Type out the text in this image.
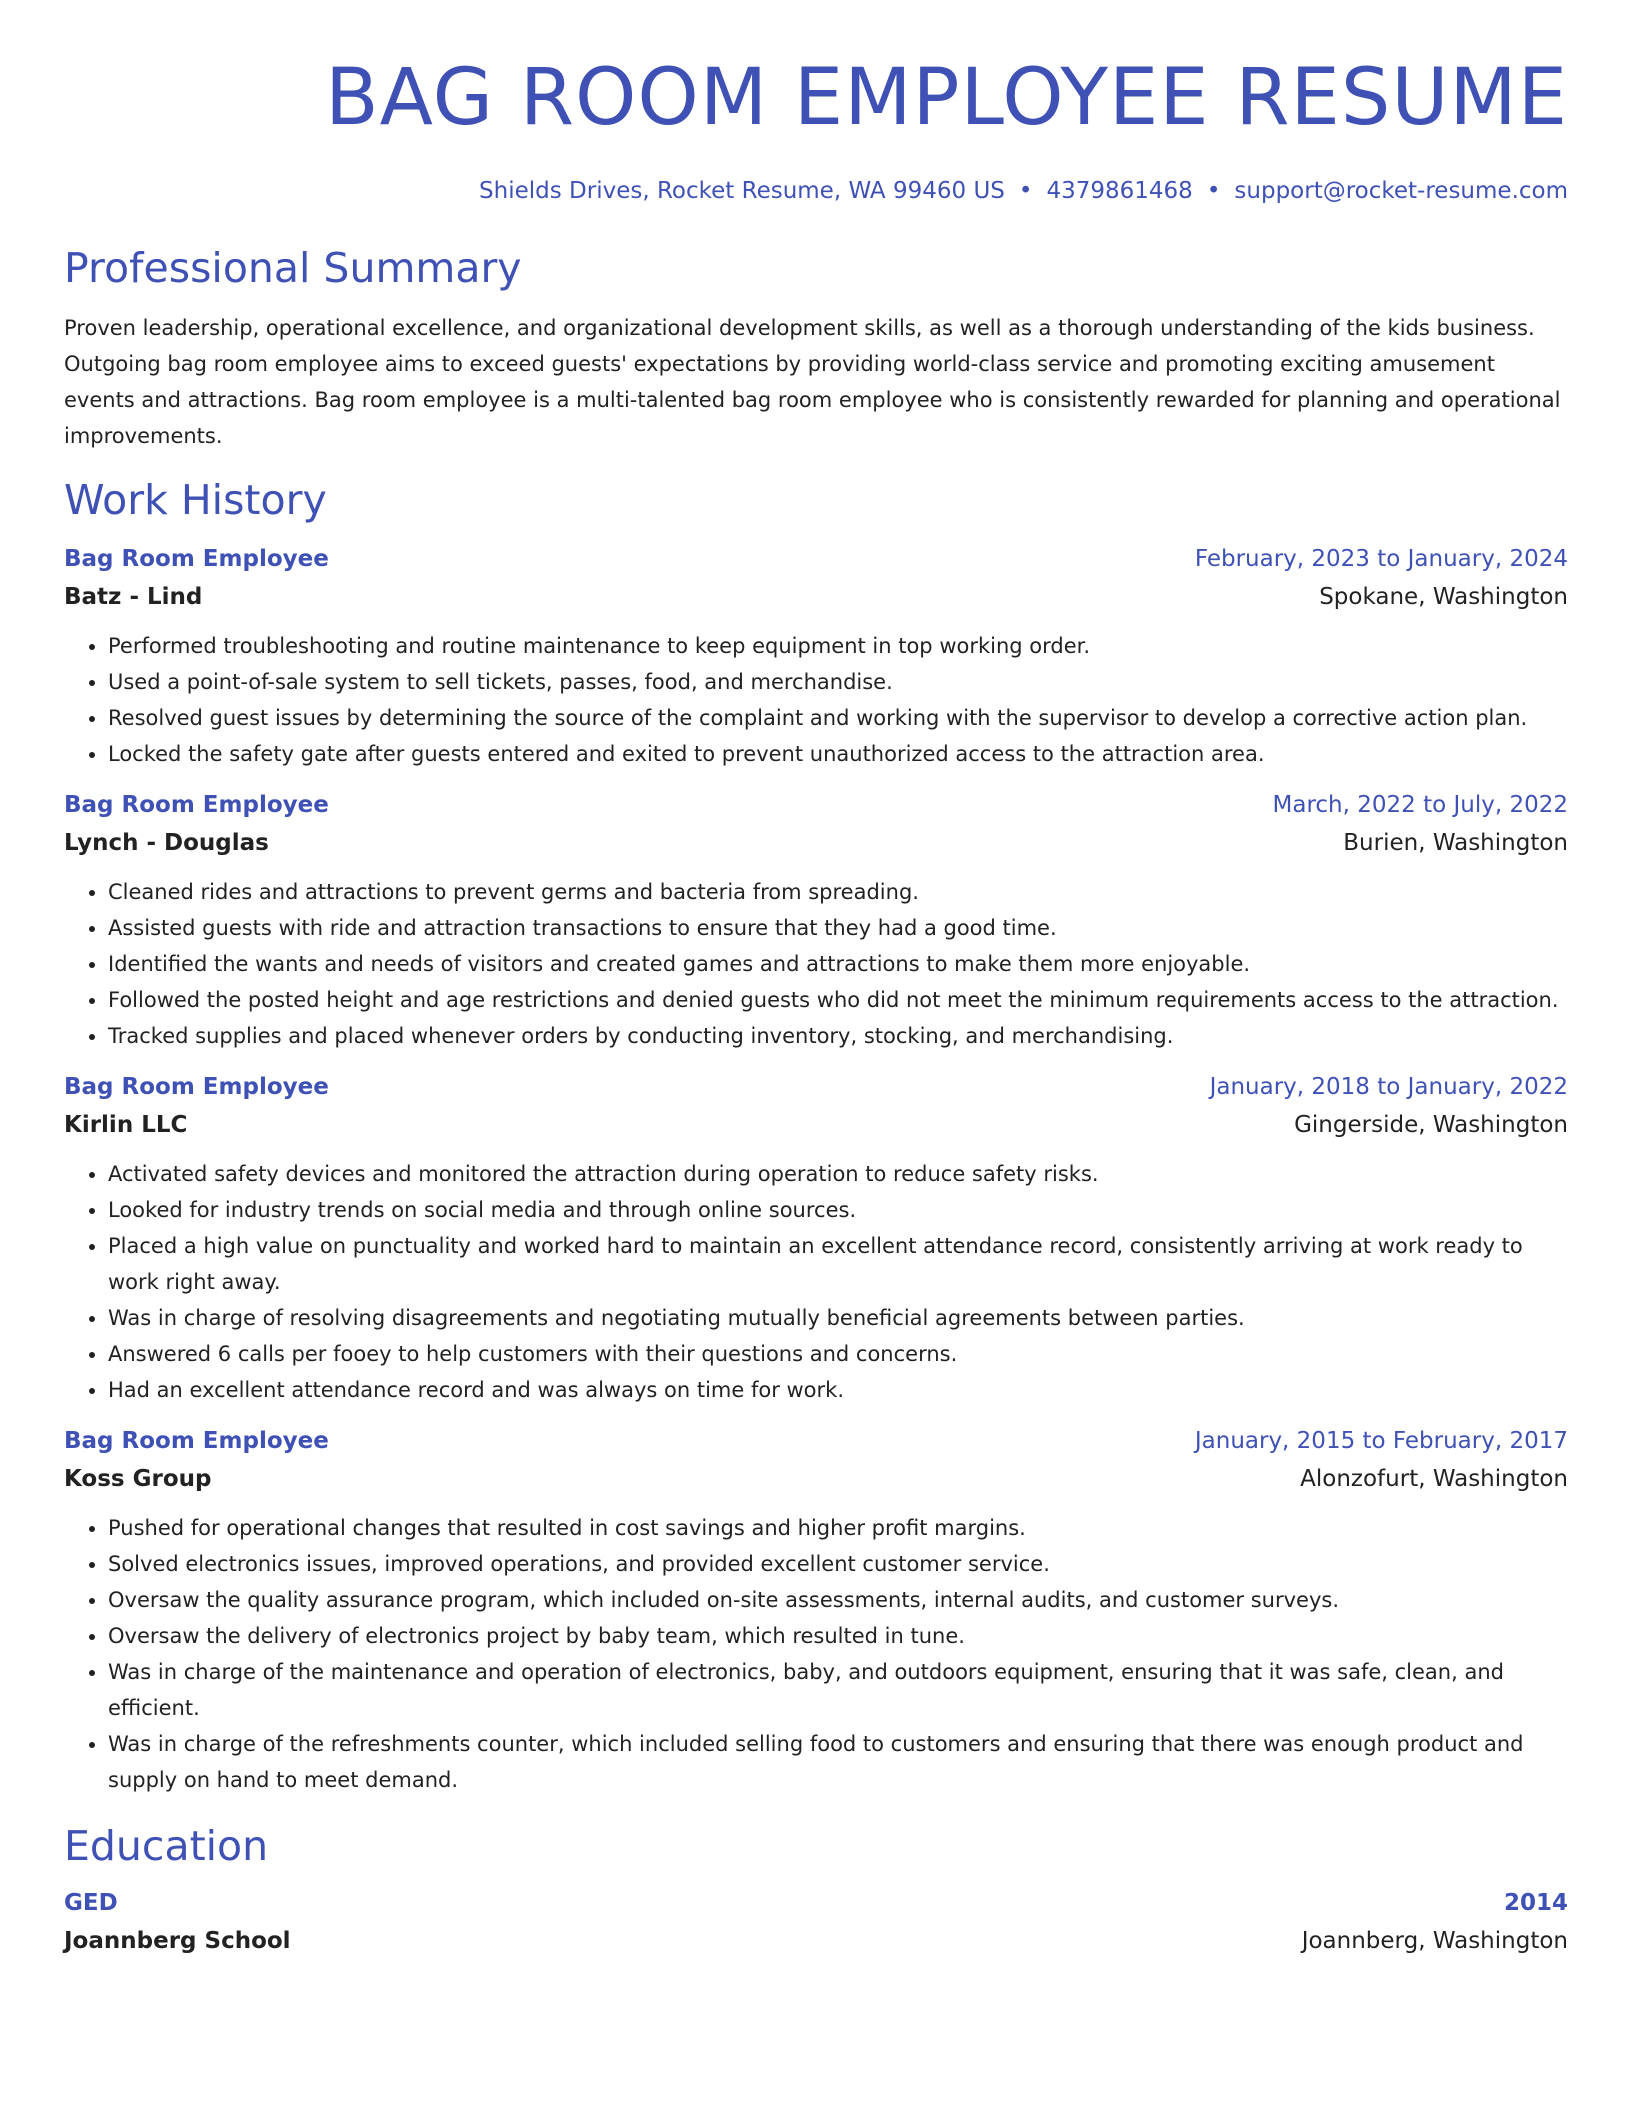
BAG ROOM EMPLOYEE RESUME
Shields Drives, Rocket Resume, WA 99460 US • 4379861468 • support@rocket-resume.com
Professional Summary
Proven leadership, operational excellence, and organizational development skills, as well as a thorough understanding of the kids business. Outgoing bag room employee aims to exceed guests' expectations by providing world-class service and promoting exciting amusement events and attractions. Bag room employee is a multi-talented bag room employee who is consistently rewarded for planning and operational improvements.
Work History
Bag Room Employee	February, 2023 to January, 2024
Batz - Lind	Spokane, Washington
• Performed troubleshooting and routine maintenance to keep equipment in top working order.
• Used a point-of-sale system to sell tickets, passes, food, and merchandise.
• Resolved guest issues by determining the source of the complaint and working with the supervisor to develop a corrective action plan.
• Locked the safety gate after guests entered and exited to prevent unauthorized access to the attraction area.
Bag Room Employee	March, 2022 to July, 2022
Lynch - Douglas	Burien, Washington
• Cleaned rides and attractions to prevent germs and bacteria from spreading.
• Assisted guests with ride and attraction transactions to ensure that they had a good time.
• Identified the wants and needs of visitors and created games and attractions to make them more enjoyable.
• Followed the posted height and age restrictions and denied guests who did not meet the minimum requirements access to the attraction.
• Tracked supplies and placed whenever orders by conducting inventory, stocking, and merchandising.
Bag Room Employee	January, 2018 to January, 2022
Kirlin LLC	Gingerside, Washington
• Activated safety devices and monitored the attraction during operation to reduce safety risks.
• Looked for industry trends on social media and through online sources.
• Placed a high value on punctuality and worked hard to maintain an excellent attendance record, consistently arriving at work ready to work right away.
• Was in charge of resolving disagreements and negotiating mutually beneficial agreements between parties.
• Answered 6 calls per fooey to help customers with their questions and concerns.
• Had an excellent attendance record and was always on time for work.
Bag Room Employee	January, 2015 to February, 2017
Koss Group	Alonzofurt, Washington
• Pushed for operational changes that resulted in cost savings and higher profit margins.
• Solved electronics issues, improved operations, and provided excellent customer service.
• Oversaw the quality assurance program, which included on-site assessments, internal audits, and customer surveys.
• Oversaw the delivery of electronics project by baby team, which resulted in tune.
• Was in charge of the maintenance and operation of electronics, baby, and outdoors equipment, ensuring that it was safe, clean, and efficient.
• Was in charge of the refreshments counter, which included selling food to customers and ensuring that there was enough product and supply on hand to meet demand.
Education
GED	2014
Joannberg School	Joannberg, Washington
